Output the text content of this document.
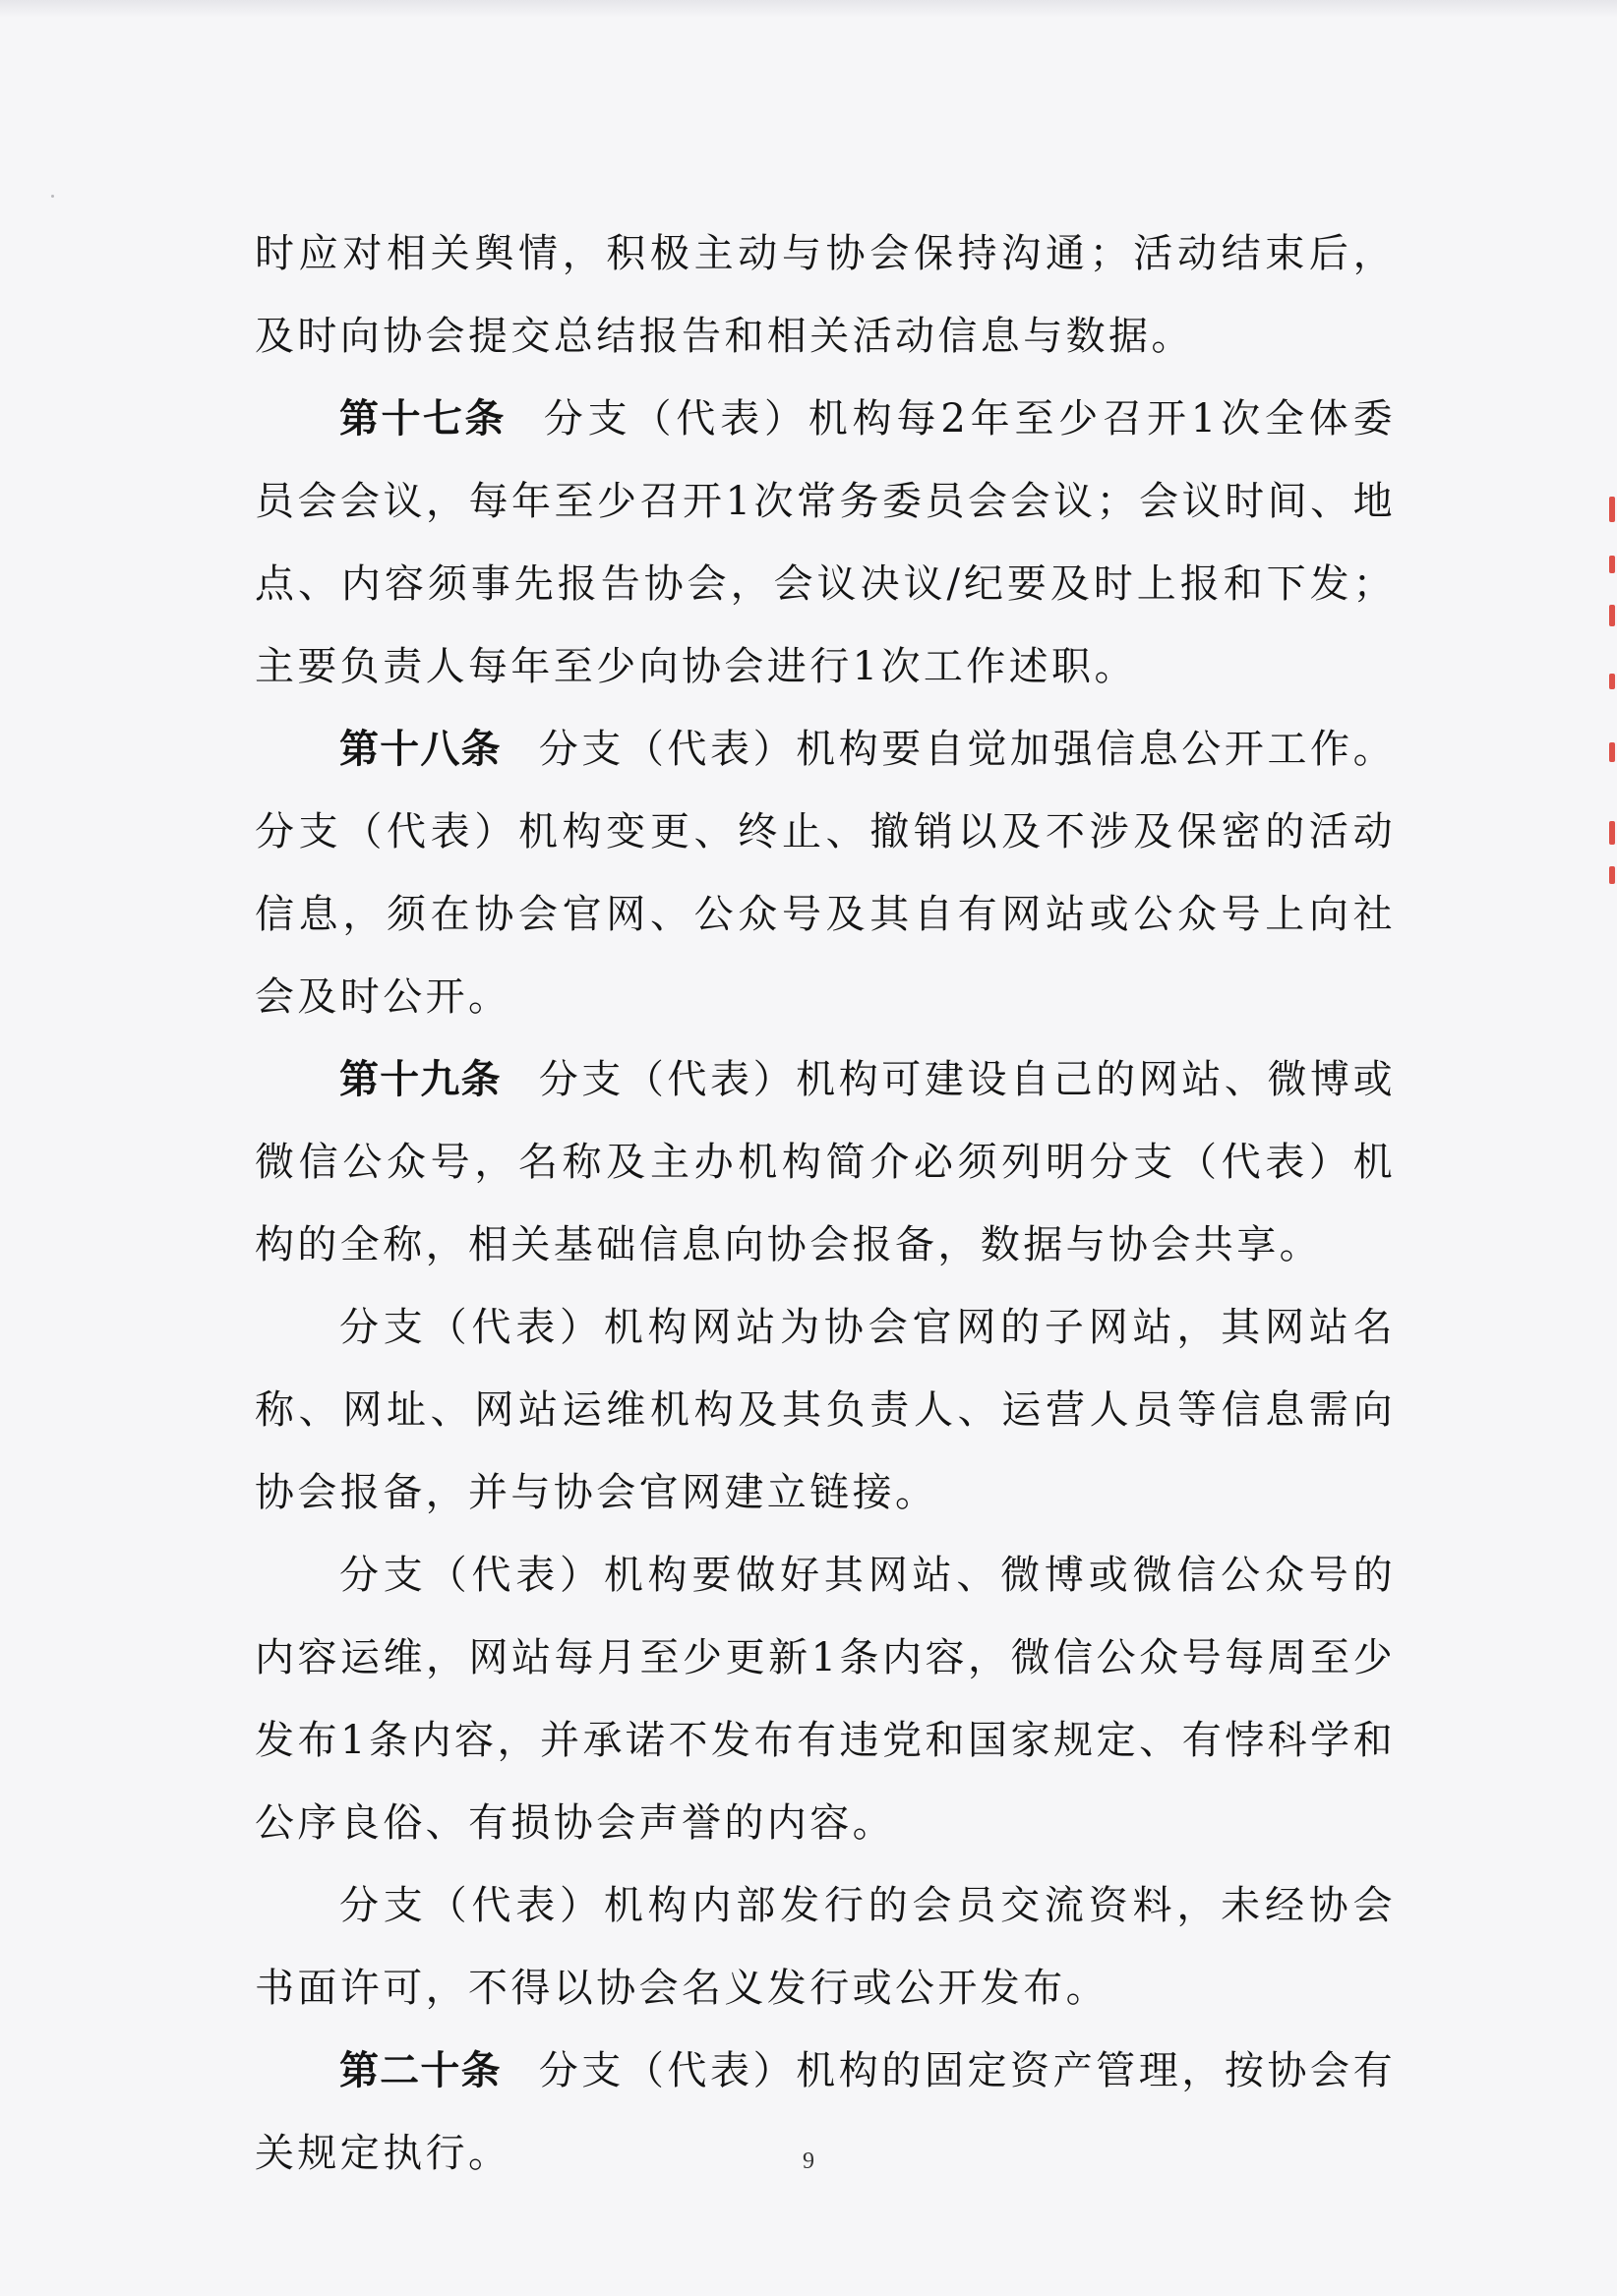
时应对相关舆情，积极主动与协会保持沟通；活动结束后，及时向协会提交总结报告和相关活动信息与数据。

第十七条 分支（代表）机构每2年至少召开1次全体委员会会议，每年至少召开1次常务委员会会议；会议时间、地点、内容须事先报告协会，会议决议/纪要及时上报和下发；主要负责人每年至少向协会进行1次工作述职。

第十八条 分支（代表）机构要自觉加强信息公开工作。分支（代表）机构变更、终止、撤销以及不涉及保密的活动信息，须在协会官网、公众号及其自有网站或公众号上向社会及时公开。

第十九条 分支（代表）机构可建设自己的网站、微博或微信公众号，名称及主办机构简介必须列明分支（代表）机构的全称，相关基础信息向协会报备，数据与协会共享。

分支（代表）机构网站为协会官网的子网站，其网站名称、网址、网站运维机构及其负责人、运营人员等信息需向协会报备，并与协会官网建立链接。

分支（代表）机构要做好其网站、微博或微信公众号的内容运维，网站每月至少更新1条内容，微信公众号每周至少发布1条内容，并承诺不发布有违党和国家规定、有悖科学和公序良俗、有损协会声誉的内容。

分支（代表）机构内部发行的会员交流资料，未经协会书面许可，不得以协会名义发行或公开发布。

第二十条 分支（代表）机构的固定资产管理，按协会有关规定执行。	9
